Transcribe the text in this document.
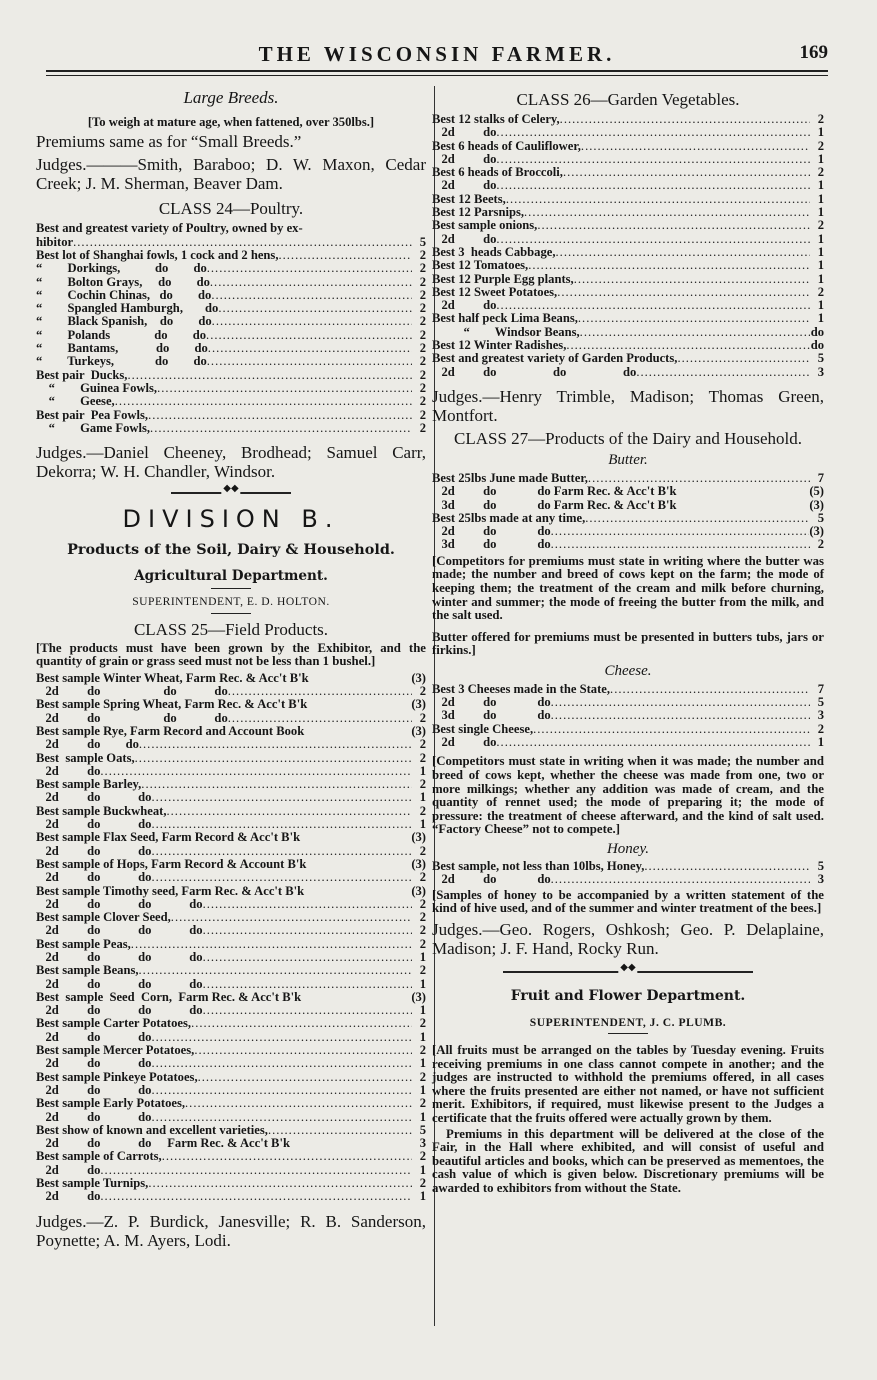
THE WISCONSIN FARMER.	169
Large Breeds.
[To weigh at mature age, when fattened, over 350lbs.]
Premiums same as for “Small Breeds.”
Judges.———Smith, Baraboo; D. W. Maxon, Cedar Creek; J. M. Sherman, Beaver Dam.
CLASS 24—Poultry.
Best and greatest variety of Poultry, owned by ex-
hibitor .....	5
Best lot of Shanghai fowls, 1 cock and 2 hens, .....	2
“        Dorkings,           do        do .....	2
“        Bolton Grays,     do        do .....	2
“        Cochin Chinas,   do        do .....	2
“        Spangled Hamburgh,       do .....	2
“        Black Spanish,    do        do .....	2
“        Polands              do        do .....	2
“        Bantams,            do        do .....	2
“        Turkeys,             do        do .....	2
Best pair  Ducks, .....	2
“        Guinea Fowls, .....	2
“        Geese, .....	2
Best pair  Pea Fowls, .....	2
“        Game Fowls, .....	2
Judges.—Daniel Cheeney, Brodhead; Samuel Carr, Dekorra; W. H. Chandler, Windsor.
◆◆
DIVISION B.
Products of the Soil, Dairy & Household.
Agricultural Department.
SUPERINTENDENT, E. D. HOLTON.
CLASS 25—Field Products.
[The products must have been grown by the Exhibitor, and the quantity of grain or grass seed must not be less than 1 bushel.]
Best sample Winter Wheat, Farm Rec. & Acc't B'k	(3)
2d         do                    do            do .....	2
Best sample Spring Wheat, Farm Rec. & Acc't B'k	(3)
2d         do                    do            do .....	2
Best sample Rye, Farm Record and Account Book	(3)
2d         do        do .....	2
Best  sample Oats, .....	2
2d         do .....	1
Best sample Barley, .....	2
2d         do            do .....	1
Best sample Buckwheat, .....	2
2d         do            do .....	1
Best sample Flax Seed, Farm Record & Acc't B'k	(3)
2d         do            do .....	2
Best sample of Hops, Farm Record & Account B'k	(3)
2d         do            do .....	2
Best sample Timothy seed, Farm Rec. & Acc't B'k	(3)
2d         do            do            do .....	2
Best sample Clover Seed, .....	2
2d         do            do            do .....	2
Best sample Peas, .....	2
2d         do            do            do .....	1
Best sample Beans, .....	2
2d         do            do            do .....	1
Best  sample  Seed  Corn,  Farm Rec. & Acc't B'k	(3)
2d         do            do            do .....	1
Best sample Carter Potatoes, .....	2
2d         do            do .....	1
Best sample Mercer Potatoes, .....	2
2d         do            do .....	1
Best sample Pinkeye Potatoes, .....	2
2d         do            do .....	1
Best sample Early Potatoes, .....	2
2d         do            do .....	1
Best show of known and excellent varieties, .....	5
2d         do            do     Farm Rec. & Acc't B'k	3
Best sample of Carrots, .....	2
2d         do .....	1
Best sample Turnips, .....	2
2d         do .....	1
Judges.—Z. P. Burdick, Janesville; R. B. Sanderson, Poynette; A. M. Ayers, Lodi.
CLASS 26—Garden Vegetables.
Best 12 stalks of Celery, .....	2
2d         do .....	1
Best 6 heads of Cauliflower, .....	2
2d         do .....	1
Best 6 heads of Broccoli, .....	2
2d         do .....	1
Best 12 Beets, .....	1
Best 12 Parsnips, .....	1
Best sample onions, .....	2
2d         do .....	1
Best 3  heads Cabbage, .....	1
Best 12 Tomatoes, .....	1
Best 12 Purple Egg plants, .....	1
Best 12 Sweet Potatoes, .....	2
2d         do .....	1
Best half peck Lima Beans, .....	1
“        Windsor Beans, .....	do
Best 12 Winter Radishes, .....	do
Best and greatest variety of Garden Products, .....	5
2d         do                  do                  do .....	3
Judges.—Henry Trimble, Madison; Thomas Green, Montfort.
CLASS 27—Products of the Dairy and Household.
Butter.
Best 25lbs June made Butter, .....	7
2d         do             do Farm Rec. & Acc't B'k	(5)
3d         do             do Farm Rec. & Acc't B'k	(3)
Best 25lbs made at any time, .....	5
2d         do             do .....	(3)
3d         do             do .....	2
[Competitors for premiums must state in writing where the butter was made; the number and breed of cows kept on the farm; the mode of keeping them; the treatment of the cream and milk before churning, winter and summer; the mode of freeing the butter from the milk, and the salt used.
Butter offered for premiums must be presented in butters tubs, jars or firkins.]
Cheese.
Best 3 Cheeses made in the State, .....	7
2d         do             do .....	5
3d         do             do .....	3
Best single Cheese, .....	2
2d         do .....	1
[Competitors must state in writing when it was made; the number and breed of cows kept, whether the cheese was made from one, two or more milkings; whether any addition was made of cream, and the quantity of rennet used; the mode of preparing it; the mode of pressure: the treatment of cheese afterward, and the kind of salt used. “Factory Cheese” not to compete.]
Honey.
Best sample, not less than 10lbs, Honey, .....	5
2d         do             do .....	3
[Samples of honey to be accompanied by a written statement of the kind of hive used, and of the summer and winter treatment of the bees.]
Judges.—Geo. Rogers, Oshkosh; Geo. P. Delaplaine, Madison; J. F. Hand, Rocky Run.
◆◆
Fruit and Flower Department.
SUPERINTENDENT, J. C. PLUMB.
[All fruits must be arranged on the tables by Tuesday evening. Fruits receiving premiums in one class cannot compete in another; and the judges are instructed to withhold the premiums offered, in all cases where the fruits presented are either not named, or have not sufficient merit. Exhibitors, if required, must likewise present to the Judges a certificate that the fruits offered were actually grown by them.
Premiums in this department will be delivered at the close of the Fair, in the Hall where exhibited, and will consist of useful and beautiful articles and books, which can be preserved as mementoes, the cash value of which is given below. Discretionary premiums will be awarded to exhibitors from without the State.
